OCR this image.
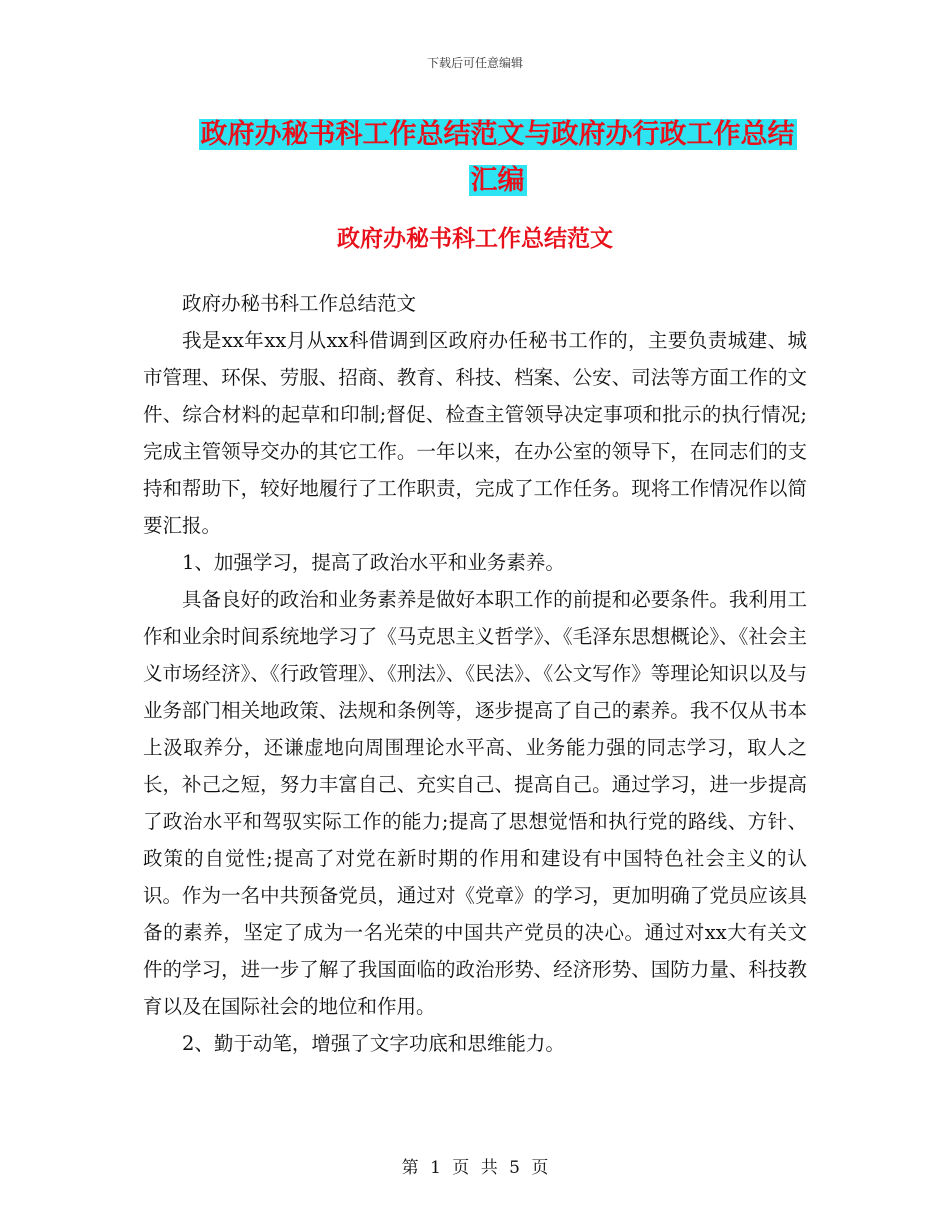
下载后可任意编辑
政府办秘书科工作总结范文与政府办行政工作总结汇编
政府办秘书科工作总结范文

政府办秘书科工作总结范文

我是xx年xx月从xx科借调到区政府办任秘书工作的，主要负责城建、城市管理、环保、劳服、招商、教育、科技、档案、公安、司法等方面工作的文件、综合材料的起草和印制;督促、检查主管领导决定事项和批示的执行情况;完成主管领导交办的其它工作。一年以来，在办公室的领导下，在同志们的支持和帮助下，较好地履行了工作职责，完成了工作任务。现将工作情况作以简要汇报。

1、加强学习，提高了政治水平和业务素养。

具备良好的政治和业务素养是做好本职工作的前提和必要条件。我利用工作和业余时间系统地学习了《马克思主义哲学》、《毛泽东思想概论》、《社会主义市场经济》、《行政管理》、《刑法》、《民法》、《公文写作》等理论知识以及与业务部门相关地政策、法规和条例等，逐步提高了自己的素养。我不仅从书本上汲取养分，还谦虚地向周围理论水平高、业务能力强的同志学习，取人之长，补己之短，努力丰富自己、充实自己、提高自己。通过学习，进一步提高了政治水平和驾驭实际工作的能力;提高了思想觉悟和执行党的路线、方针、政策的自觉性;提高了对党在新时期的作用和建设有中国特色社会主义的认识。作为一名中共预备党员，通过对《党章》的学习，更加明确了党员应该具备的素养，坚定了成为一名光荣的中国共产党员的决心。通过对xx大有关文件的学习，进一步了解了我国面临的政治形势、经济形势、国防力量、科技教育以及在国际社会的地位和作用。

2、勤于动笔，增强了文字功底和思维能力。

第 1 页 共 5 页
